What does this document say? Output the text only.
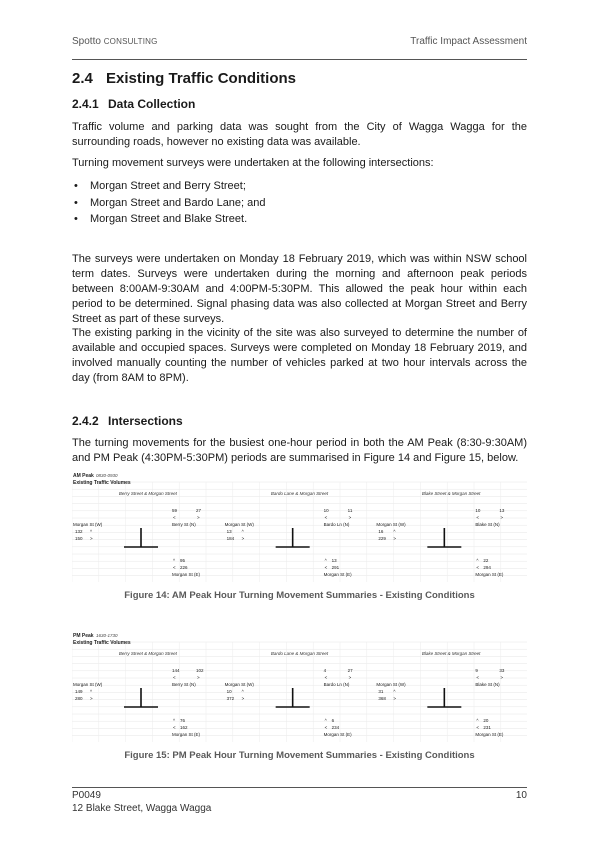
Spotto CONSULTING	Traffic Impact Assessment
2.4 Existing Traffic Conditions
2.4.1 Data Collection

Traffic volume and parking data was sought from the City of Wagga Wagga for the surrounding roads, however no existing data was available.

Turning movement surveys were undertaken at the following intersections:

• Morgan Street and Berry Street;
• Morgan Street and Bardo Lane; and
• Morgan Street and Blake Street.

The surveys were undertaken on Monday 18 February 2019, which was within NSW school term dates. Surveys were undertaken during the morning and afternoon peak periods between 8:00AM-9:30AM and 4:00PM-5:30PM. This allowed the peak hour within each period to be determined. Signal phasing data was also collected at Morgan Street and Berry Street as part of these surveys.

The existing parking in the vicinity of the site was also surveyed to determine the number of available and occupied spaces. Surveys were completed on Monday 18 February 2019, and involved manually counting the number of vehicles parked at two hour intervals across the day (from 8AM to 8PM).

2.4.2 Intersections

The turning movements for the busiest one-hour period in both the AM Peak (8:30-9:30AM) and PM Peak (4:30PM-5:30PM) periods are summarised in Figure 14 and Figure 15, below.

AM Peak 0830-0930
Existing Traffic Volumes
Berry Street & Morgan Street
59	27
<	>
Berry St (N)
Morgan St (W)
132 ^
150 >
^ 95
< 226
Morgan St (E)
Bardo Lane & Morgan Street
10	11
<	>
Bardo Ln (N)
Morgan St (W)
13 ^
184 >
^ 13
< 291
Morgan St (E)
Blake Street & Morgan Street
10	13
<	>
Blake St (N)
Morgan St (W)
16 ^
229 >
^ 22
< 294
Morgan St (E)
Figure 14: AM Peak Hour Turning Movement Summaries - Existing Conditions
PM Peak 1630-1730
Existing Traffic Volumes
Berry Street & Morgan Street
144	102
<	>
Berry St (N)
Morgan St (W)
149 ^
280 >
^ 76
< 162
Morgan St (E)
Bardo Lane & Morgan Street
4	27
<	>
Bardo Ln (N)
Morgan St (W)
10 ^
372 >
^ 6
< 234
Morgan St (E)
Blake Street & Morgan Street
9	33
<	>
Blake St (N)
Morgan St (W)
31 ^
368 >
^ 20
< 231
Morgan St (E)
Figure 15: PM Peak Hour Turning Movement Summaries - Existing Conditions
P0049
12 Blake Street, Wagga Wagga
10
